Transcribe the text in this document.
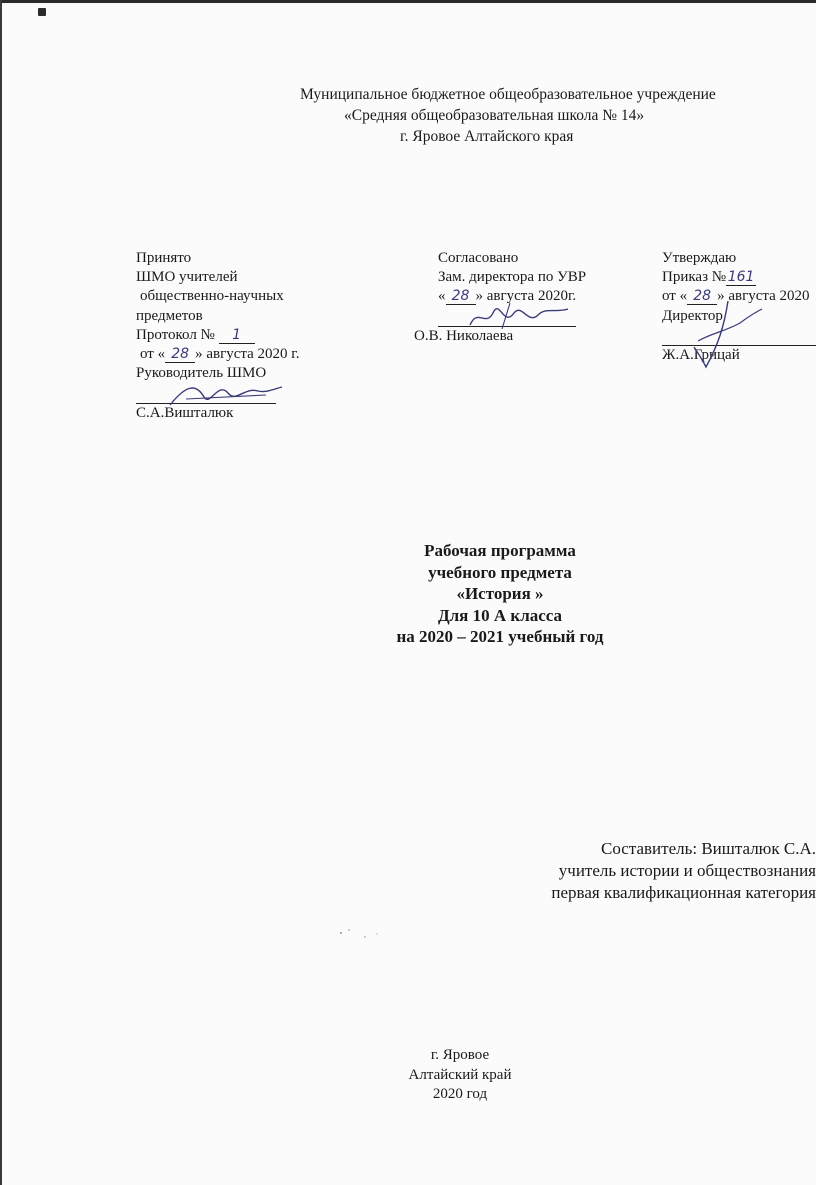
Муниципальное бюджетное общеобразовательное учреждение
«Средняя общеобразовательная школа № 14»
г. Яровое Алтайского края
Принято
ШМО учителей
общественно-научных
предметов
Протокол № 1
от « 28 » августа 2020 г.
Руководитель ШМО
С.А.Вишталюк
Согласовано
Зам. директора по УВР
« 28 » августа 2020г.
О.В. Николаева
Утверждаю
Приказ № 161
от « 28 » августа 2020
Директор
Ж.А.Грицай
Рабочая программа
учебного предмета
«История »
Для 10 А класса
на 2020 – 2021 учебный год
Составитель: Вишталюк С.А.
учитель истории и обществознания
первая квалификационная категория
г. Яровое
Алтайский край
2020 год
